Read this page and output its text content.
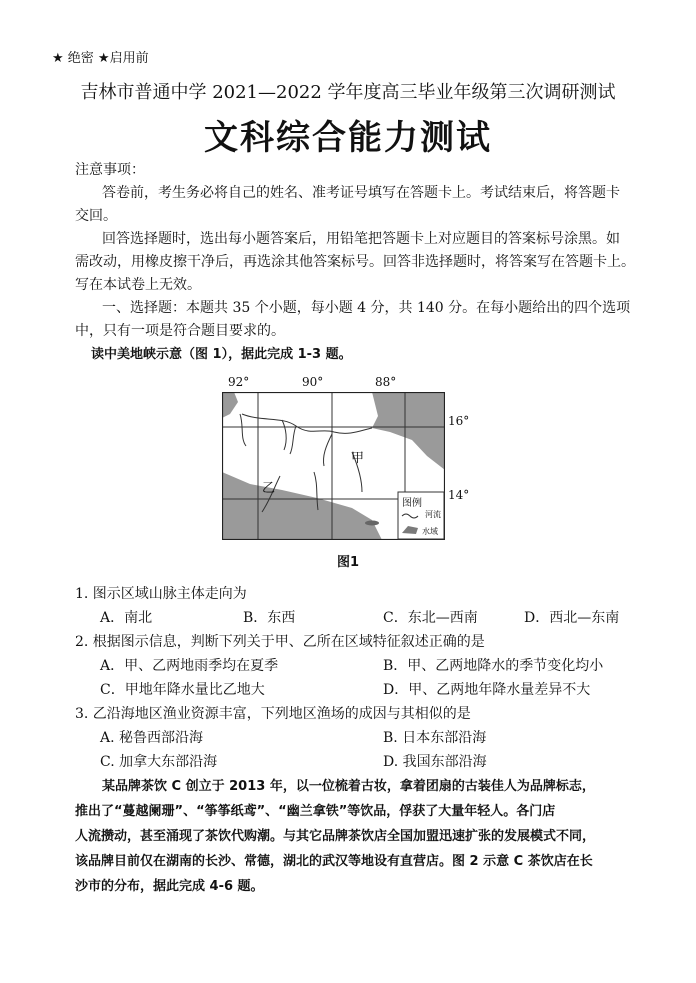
★ 绝密 ★启用前
吉林市普通中学 2021—2022 学年度高三毕业年级第三次调研测试
文科综合能力测试
注意事项：
答卷前，考生务必将自己的姓名、准考证号填写在答题卡上。考试结束后，将答题卡
交回。
回答选择题时，选出每小题答案后，用铅笔把答题卡上对应题目的答案标号涂黑。如
需改动，用橡皮擦干净后，再选涂其他答案标号。回答非选择题时，将答案写在答题卡上。
写在本试卷上无效。
一、选择题：本题共 35 个小题，每小题 4 分，共 140 分。在每小题给出的四个选项
中，只有一项是符合题目要求的。
读中美地峡示意（图 1），据此完成 1-3 题。
92°	90°	88°
16°
14°
甲
乙
图例
河流
水域
图1
1. 图示区域山脉主体走向为
A．南北	B．东西	C．东北—西南	D．西北—东南
2. 根据图示信息，判断下列关于甲、乙所在区域特征叙述正确的是
A．甲、乙两地雨季均在夏季	B．甲、乙两地降水的季节变化均小
C．甲地年降水量比乙地大	D．甲、乙两地年降水量差异不大
3. 乙沿海地区渔业资源丰富，下列地区渔场的成因与其相似的是
A. 秘鲁西部沿海	B. 日本东部沿海
C. 加拿大东部沿海	D. 我国东部沿海
某品牌茶饮 C 创立于 2013 年，以一位梳着古妆，拿着团扇的古装佳人为品牌标志，
推出了“蔓越阑珊”、“筝筝纸鸢”、“幽兰拿铁”等饮品，俘获了大量年轻人。各门店
人流攒动，甚至涌现了茶饮代购潮。与其它品牌茶饮店全国加盟迅速扩张的发展模式不同，
该品牌目前仅在湖南的长沙、常德，湖北的武汉等地设有直营店。图 2 示意 C 茶饮店在长
沙市的分布，据此完成 4-6 题。
